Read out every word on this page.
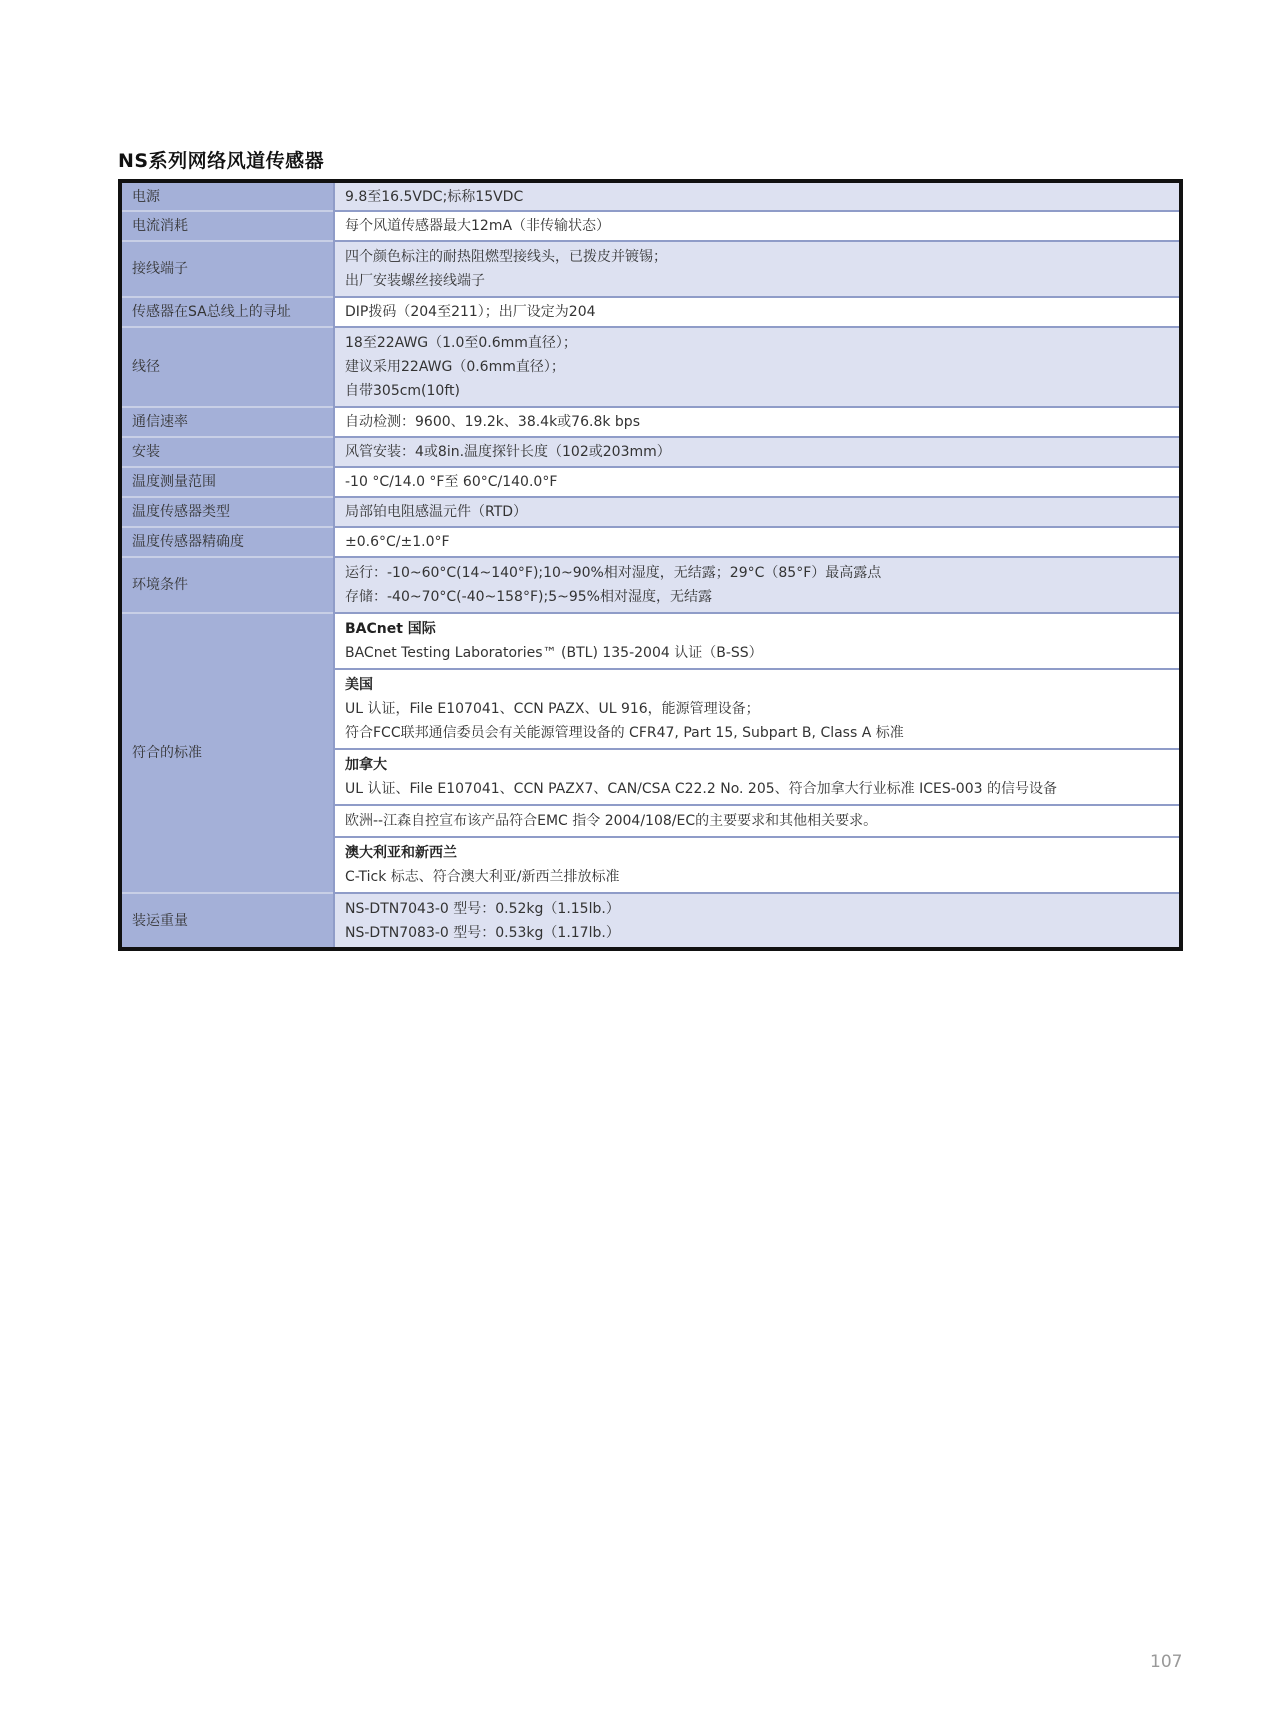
NS系列网络风道传感器
电源	9.8至16.5VDC;标称15VDC

电流消耗	每个风道传感器最大12mA（非传输状态）

接线端子	四个颜色标注的耐热阻燃型接线头，已拨皮并镀锡；
出厂安装螺丝接线端子

传感器在SA总线上的寻址	DIP拨码（204至211）；出厂设定为204

线径	18至22AWG（1.0至0.6mm直径）；
建议采用22AWG（0.6mm直径）；
自带305cm(10ft)

通信速率	自动检测：9600、19.2k、38.4k或76.8k bps

安装	风管安装：4或8in.温度探针长度（102或203mm）

温度测量范围	-10 °C/14.0 °F至 60°C/140.0°F

温度传感器类型	局部铂电阻感温元件（RTD）

温度传感器精确度	±0.6°C/±1.0°F

环境条件	运行：-10~60°C(14~140°F);10~90%相对湿度，无结露；29°C（85°F）最高露点
存储：-40~70°C(-40~158°F);5~95%相对湿度，无结露

符合的标准	BACnet 国际
BACnet Testing Laboratories™ (BTL) 135-2004 认证（B-SS）

	美国
UL 认证，File E107041、CCN PAZX、UL 916，能源管理设备；
符合FCC联邦通信委员会有关能源管理设备的 CFR47, Part 15, Subpart B, Class A 标准

	加拿大
UL 认证、File E107041、CCN PAZX7、CAN/CSA C22.2 No. 205、符合加拿大行业标准 ICES-003 的信号设备

	欧洲--江森自控宣布该产品符合EMC 指令 2004/108/EC的主要要求和其他相关要求。

	澳大利亚和新西兰
C-Tick 标志、符合澳大利亚/新西兰排放标准

装运重量	NS-DTN7043-0 型号：0.52kg（1.15lb.）
NS-DTN7083-0 型号：0.53kg（1.17lb.）
107
